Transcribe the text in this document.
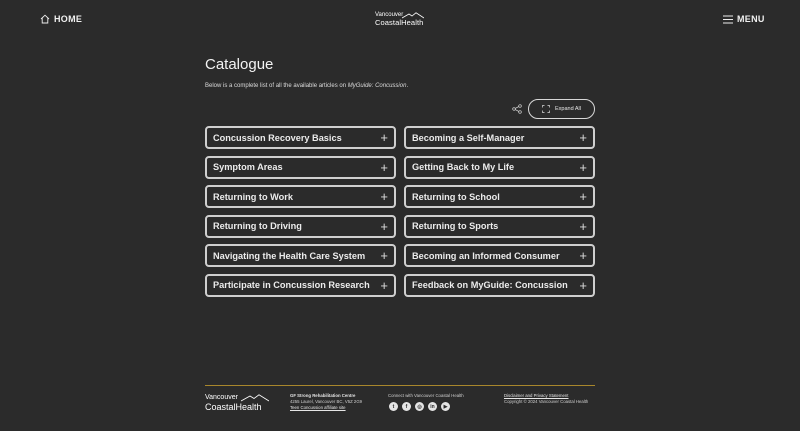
HOME	Vancouver
CoastalHealth	MENU
Catalogue

Below is a complete list of all the available articles on MyGuide: Concussion.

Expand All
Concussion Recovery Basics	+	Becoming a Self-Manager	+
Symptom Areas	+	Getting Back to My Life	+
Returning to Work	+	Returning to School	+
Returning to Driving	+	Returning to Sports	+
Navigating the Health Care System +	Becoming an Informed Consumer +
Participate in Concussion Research +	Feedback on MyGuide: Concussion +
Vancouver
CoastalHealth
GF Strong Rehabilitation Centre
4255 Laurel, Vancouver BC, V5Z 2G9
Teen Concussion affiliate site
Connect with Vancouver Coastal Health
t	f	◎	in	▶
Disclaimer and Privacy Statement
Copyright © 2024 Vancouver Coastal Health
